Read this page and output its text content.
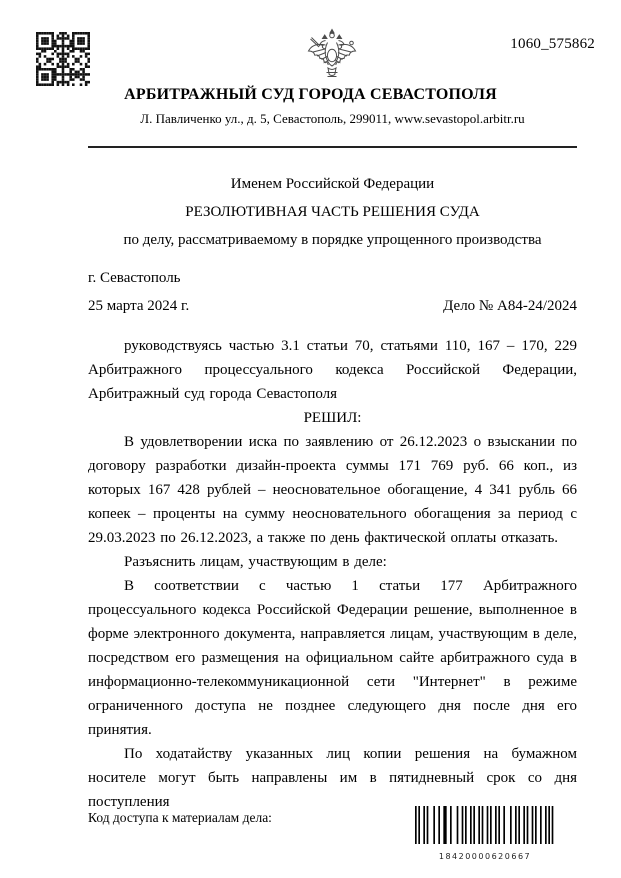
1060_575862
АРБИТРАЖНЫЙ СУД ГОРОДА СЕВАСТОПОЛЯ
Л. Павличенко ул., д. 5, Севастополь, 299011, www.sevastopol.arbitr.ru
Именем Российской Федерации
РЕЗОЛЮТИВНАЯ ЧАСТЬ РЕШЕНИЯ СУДА
по делу, рассматриваемому в порядке упрощенного производства
г. Севастополь
25 марта 2024 г.	Дело № А84-24/2024

руководствуясь частью 3.1 статьи 70, статьями 110, 167 – 170, 229 Арбитражного процессуального кодекса Российской Федерации, Арбитражный суд города Севастополя

РЕШИЛ:

В удовлетворении иска по заявлению от 26.12.2023 о взыскании по договору разработки дизайн-проекта суммы 171 769 руб. 66 коп., из которых 167 428 рублей – неосновательное обогащение, 4 341 рубль 66 копеек – проценты на сумму неосновательного обогащения за период с 29.03.2023 по 26.12.2023, а также по день фактической оплаты отказать.

Разъяснить лицам, участвующим в деле:

В соответствии с частью 1 статьи 177 Арбитражного процессуального кодекса Российской Федерации решение, выполненное в форме электронного документа, направляется лицам, участвующим в деле, посредством его размещения на официальном сайте арбитражного суда в информационно-телекоммуникационной сети "Интернет" в режиме ограниченного доступа не позднее следующего дня после дня его принятия.

По ходатайству указанных лиц копии решения на бумажном носителе могут быть направлены им в пятидневный срок со дня поступления

Код доступа к материалам дела:
18420000620667
